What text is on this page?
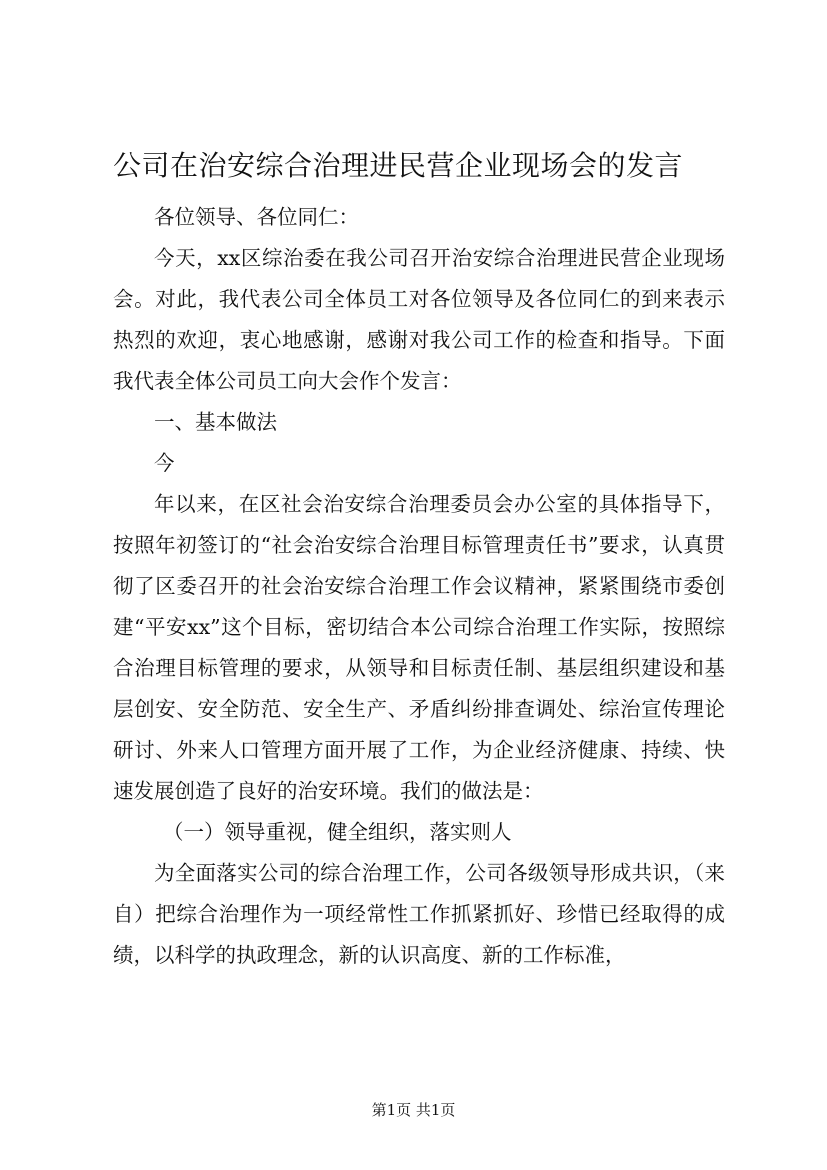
公司在治安综合治理进民营企业现场会的发言

各位领导、各位同仁：

今天，xx区综治委在我公司召开治安综合治理进民营企业现场会。对此，我代表公司全体员工对各位领导及各位同仁的到来表示热烈的欢迎，衷心地感谢，感谢对我公司工作的检查和指导。下面我代表全体公司员工向大会作个发言：

一、基本做法

今

年以来，在区社会治安综合治理委员会办公室的具体指导下，按照年初签订的“社会治安综合治理目标管理责任书”要求，认真贯彻了区委召开的社会治安综合治理工作会议精神，紧紧围绕市委创建“平安xx”这个目标，密切结合本公司综合治理工作实际，按照综合治理目标管理的要求，从领导和目标责任制、基层组织建设和基层创安、安全防范、安全生产、矛盾纠纷排查调处、综治宣传理论研讨、外来人口管理方面开展了工作，为企业经济健康、持续、快速发展创造了良好的治安环境。我们的做法是：

（一）领导重视，健全组织，落实则人

为全面落实公司的综合治理工作，公司各级领导形成共识，（来自）把综合治理作为一项经常性工作抓紧抓好、珍惜已经取得的成绩，以科学的执政理念，新的认识高度、新的工作标准，

第1页 共1页
